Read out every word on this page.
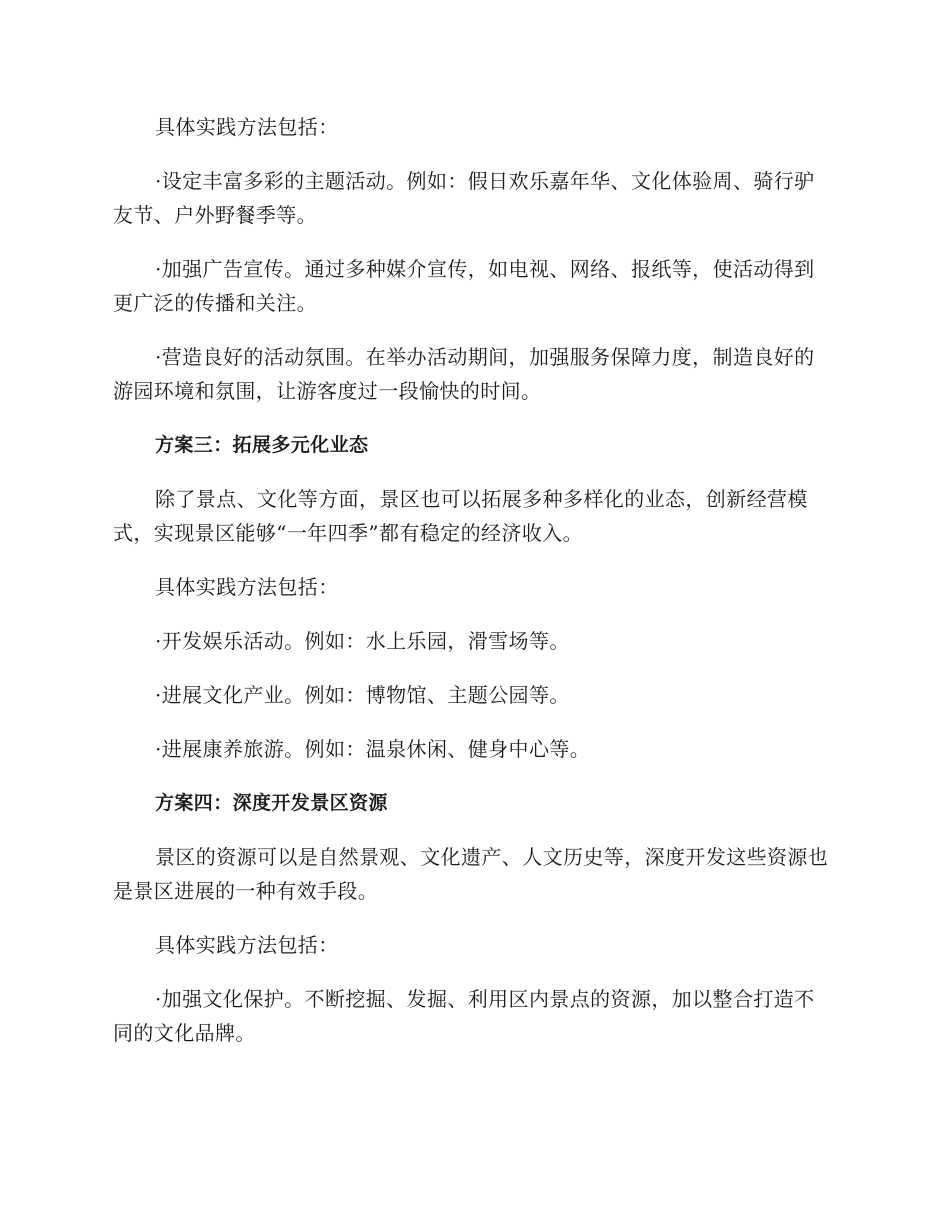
具体实践方法包括：

·设定丰富多彩的主题活动。例如：假日欢乐嘉年华、文化体验周、骑行驴友节、户外野餐季等。

·加强广告宣传。通过多种媒介宣传，如电视、网络、报纸等，使活动得到更广泛的传播和关注。

·营造良好的活动氛围。在举办活动期间，加强服务保障力度，制造良好的游园环境和氛围，让游客度过一段愉快的时间。

方案三：拓展多元化业态

除了景点、文化等方面，景区也可以拓展多种多样化的业态，创新经营模式，实现景区能够“一年四季”都有稳定的经济收入。

具体实践方法包括：

·开发娱乐活动。例如：水上乐园，滑雪场等。

·进展文化产业。例如：博物馆、主题公园等。

·进展康养旅游。例如：温泉休闲、健身中心等。

方案四：深度开发景区资源

景区的资源可以是自然景观、文化遗产、人文历史等，深度开发这些资源也是景区进展的一种有效手段。

具体实践方法包括：

·加强文化保护。不断挖掘、发掘、利用区内景点的资源，加以整合打造不同的文化品牌。
